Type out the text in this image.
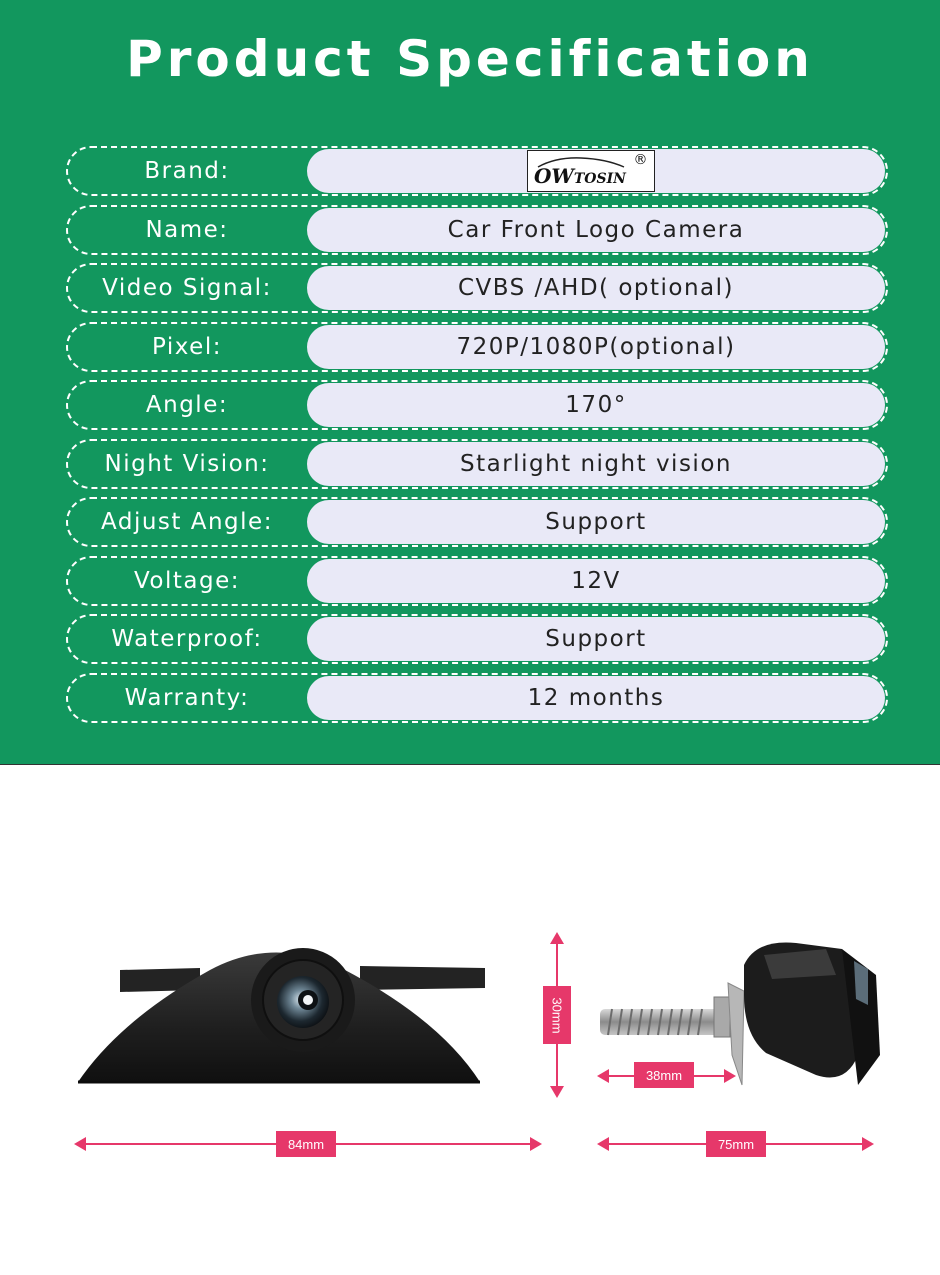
Product Specification
Brand:	OWTOSIN
®
Name:	Car Front Logo Camera
Video Signal:	CVBS /AHD( optional)
Pixel:	720P/1080P(optional)
Angle:	170°
Night Vision:	Starlight night vision
Adjust Angle:	Support
Voltage:	12V
Waterproof:	Support
Warranty:	12 months
84mm
30mm
38mm
75mm
